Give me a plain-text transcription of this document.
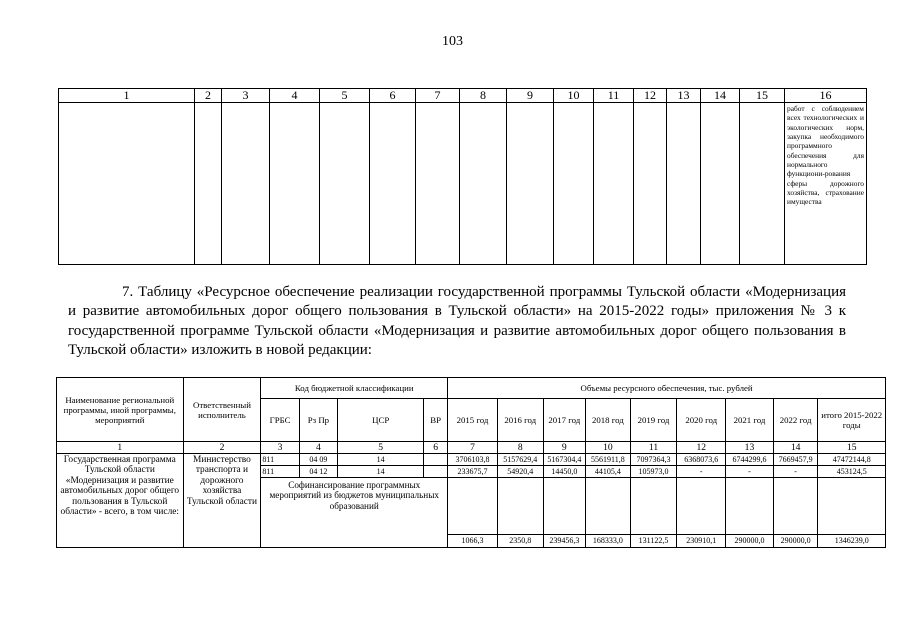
103
1	2	3	4	5	6	7	8	9	10	11	12	13	14	15	16
															работ с соблюдением всех технологических и экологических норм, закупка необходимого программного обеспечения для нормального функциони-рования сферы дорожного хозяйства, страхование имущества
7. Таблицу «Ресурсное обеспечение реализации государственной программы Тульской области «Модернизация и развитие автомобильных дорог общего пользования в Тульской области» на 2015-2022 годы» приложения № 3 к государственной программе Тульской области «Модернизация и развитие автомобильных дорог общего пользования в Тульской области» изложить в новой редакции:
Наименование региональной программы, иной программы, мероприятий	Ответственный исполнитель	Код бюджетной классификации				Объемы ресурсного обеспечения, тыс. рублей								
		ГРБС	Рз Пр	ЦСР	ВР	2015 год	2016 год	2017 год	2018 год	2019 год	2020 год	2021 год	2022 год	итого 2015-2022 годы
1	2	3	4	5	6	7	8	9	10	11	12	13	14	15
Государственная программа Тульской области «Модернизация и развитие автомобильных дорог общего пользования в Тульской области» - всего, в том числе:	Министерство транспорта и дорожного хозяйства Тульской области	811	04 09	14		3706103,8	5157629,4	5167304,4	5561911,8	7097364,3	6368073,6	6744299,6	7669457,9	47472144,8
		811	04 12	14		233675,7	54920,4	14450,0	44105,4	105973,0	-	-	-	453124,5
		Софинансирование программных мероприятий из бюджетов муниципальных образований												
						1066,3	2350,8	239456,3	168333,0	131122,5	230910,1	290000,0	290000,0	1346239,0
